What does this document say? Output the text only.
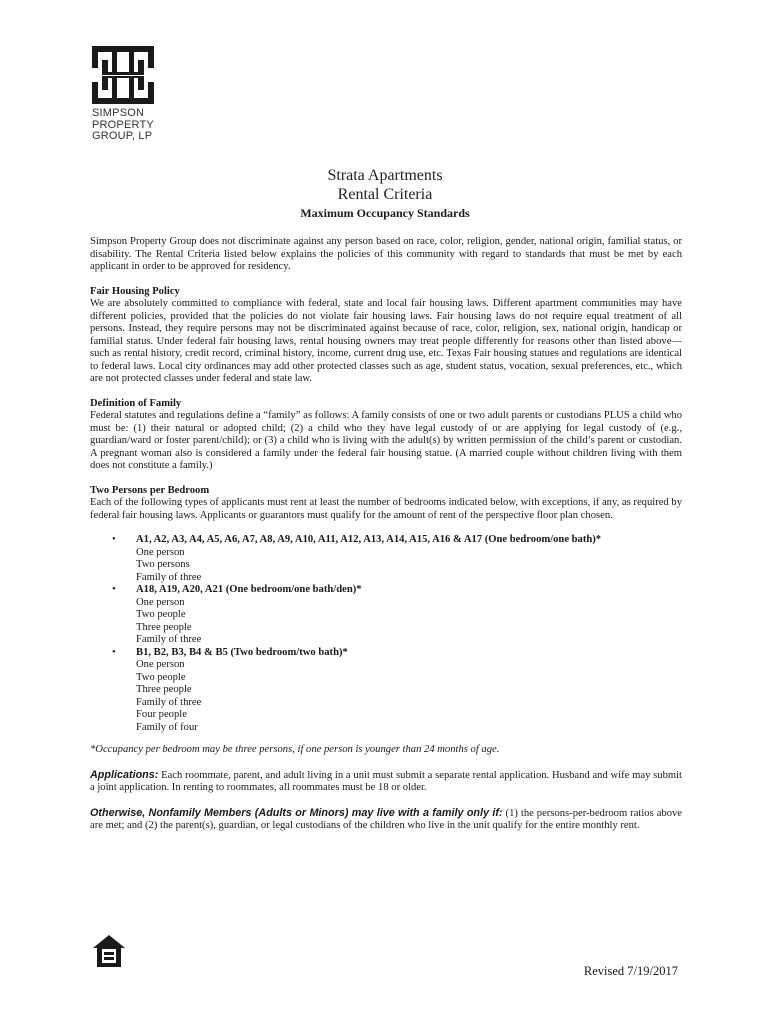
SIMPSON
PROPERTY
GROUP, LP
Strata Apartments
Rental Criteria
Maximum Occupancy Standards

Simpson Property Group does not discriminate against any person based on race, color, religion, gender, national origin, familial status, or disability. The Rental Criteria listed below explains the policies of this community with regard to standards that must be met by each applicant in order to be approved for residency.

Fair Housing Policy

We are absolutely committed to compliance with federal, state and local fair housing laws. Different apartment communities may have different policies, provided that the policies do not violate fair housing laws. Fair housing laws do not require equal treatment of all persons. Instead, they require persons may not be discriminated against because of race, color, religion, sex, national origin, handicap or familial status. Under federal fair housing laws, rental housing owners may treat people differently for reasons other than listed above—such as rental history, credit record, criminal history, income, current drug use, etc. Texas Fair housing statues and regulations are identical to federal laws. Local city ordinances may add other protected classes such as age, student status, vocation, sexual preferences, etc., which are not protected classes under federal and state law.

Definition of Family

Federal statutes and regulations define a “family” as follows: A family consists of one or two adult parents or custodians PLUS a child who must be: (1) their natural or adopted child; (2) a child who they have legal custody of or are applying for legal custody of (e.g., guardian/ward or foster parent/child); or (3) a child who is living with the adult(s) by written permission of the child’s parent or custodian. A pregnant woman also is considered a family under the federal fair housing statue. (A married couple without children living with them does not constitute a family.)

Two Persons per Bedroom

Each of the following types of applicants must rent at least the number of bedrooms indicated below, with exceptions, if any, as required by federal fair housing laws. Applicants or guarantors must qualify for the amount of rent of the perspective floor plan chosen.

• A1, A2, A3, A4, A5, A6, A7, A8, A9, A10, A11, A12, A13, A14, A15, A16 & A17 (One bedroom/one bath)*
One person
Two persons
Family of three
• A18, A19, A20, A21 (One bedroom/one bath/den)*
One person
Two people
Three people
Family of three
• B1, B2, B3, B4 & B5 (Two bedroom/two bath)*
One person
Two people
Three people
Family of three
Four people
Family of four

*Occupancy per bedroom may be three persons, if one person is younger than 24 months of age.

Applications: Each roommate, parent, and adult living in a unit must submit a separate rental application. Husband and wife may submit a joint application. In renting to roommates, all roommates must be 18 or older.

Otherwise, Nonfamily Members (Adults or Minors) may live with a family only if: (1) the persons-per-bedroom ratios above are met; and (2) the parent(s), guardian, or legal custodians of the children who live in the unit qualify for the entire monthly rent.

Revised 7/19/2017
